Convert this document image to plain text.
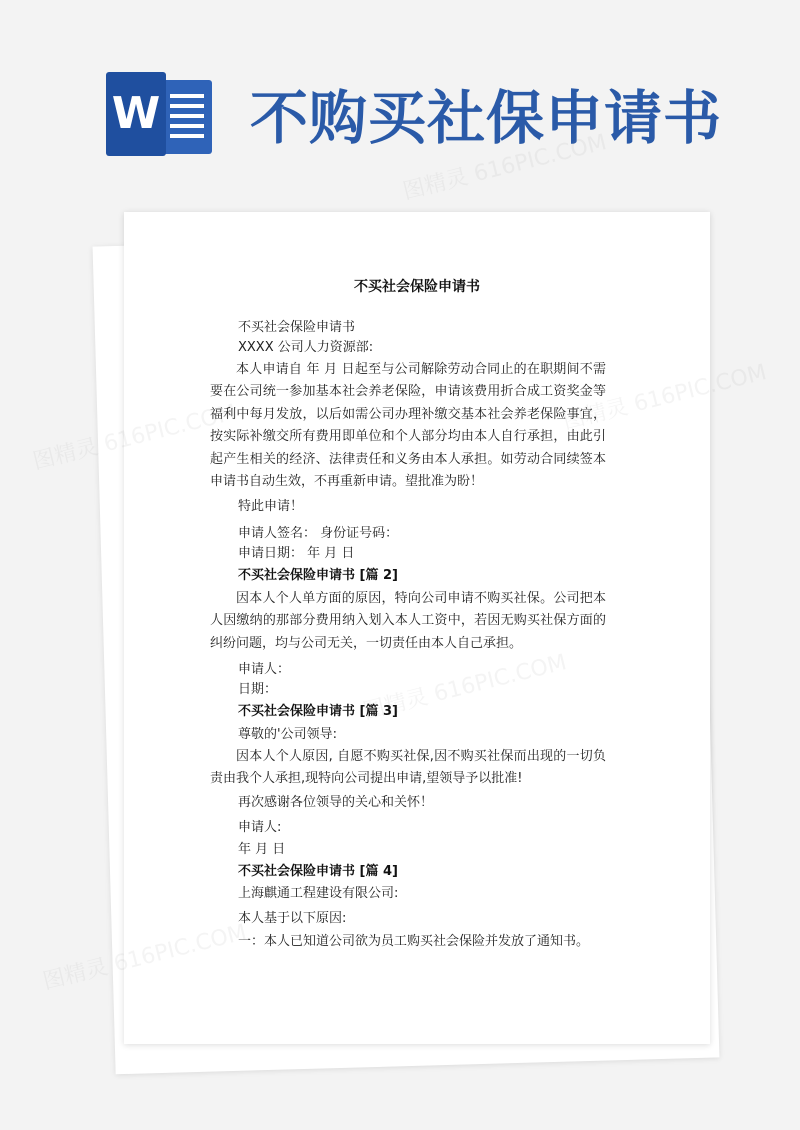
W 不购买社保申请书
不买社会保险申请书
不买社会保险申请书
XXXX 公司人力资源部:
本人申请自 年 月 日起至与公司解除劳动合同止的在职期间不需要在公司统一参加基本社会养老保险，申请该费用折合成工资奖金等福利中每月发放，以后如需公司办理补缴交基本社会养老保险事宜，按实际补缴交所有费用即单位和个人部分均由本人自行承担，由此引起产生相关的经济、法律责任和义务由本人承担。如劳动合同续签本申请书自动生效，不再重新申请。望批准为盼！
特此申请！
申请人签名： 身份证号码：
申请日期： 年 月 日
不买社会保险申请书 [篇 2]
因本人个人单方面的原因，特向公司申请不购买社保。公司把本人因缴纳的那部分费用纳入划入本人工资中，若因无购买社保方面的纠纷问题，均与公司无关，一切责任由本人自己承担。
申请人：
日期：
不买社会保险申请书 [篇 3]
尊敬的'公司领导:
因本人个人原因, 自愿不购买社保,因不购买社保而出现的一切负责由我个人承担,现特向公司提出申请,望领导予以批准!
再次感谢各位领导的关心和关怀！
申请人:
年 月 日
不买社会保险申请书 [篇 4]
上海麒通工程建设有限公司:
本人基于以下原因:
一：本人已知道公司欲为员工购买社会保险并发放了通知书。
图精灵 616PIC.COM
图精灵
图精灵
